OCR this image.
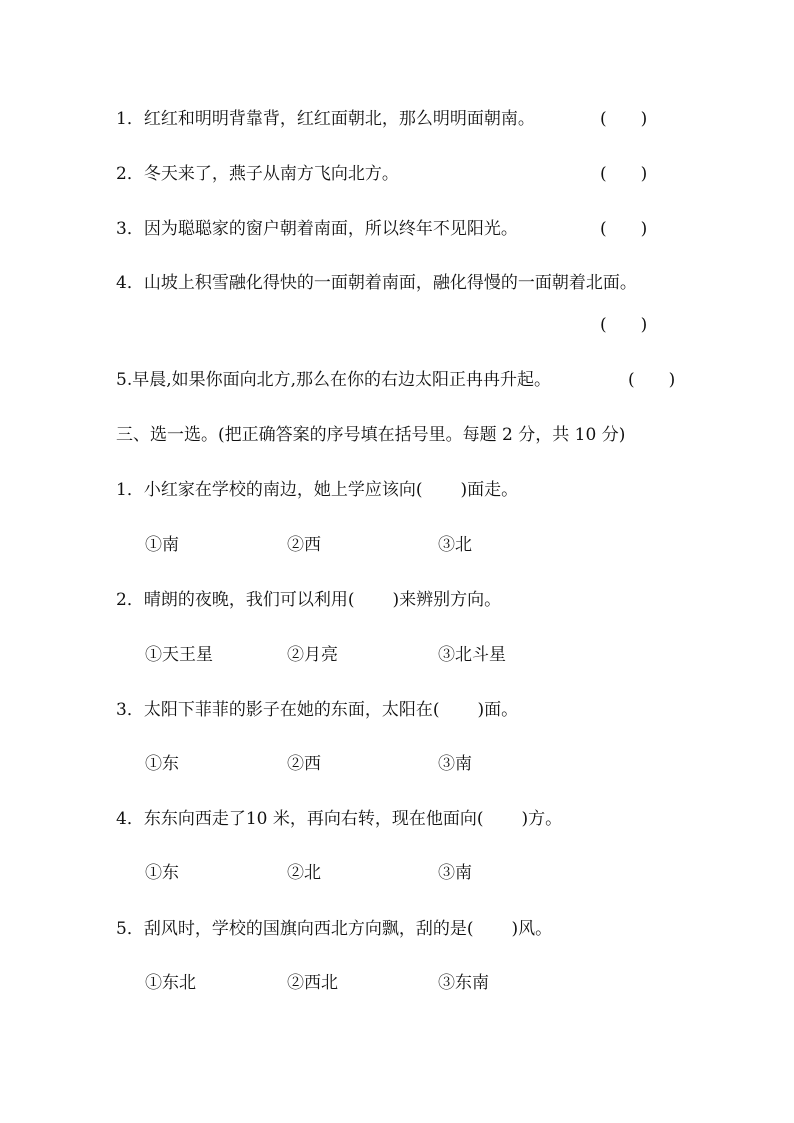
1．红红和明明背靠背，红红面朝北，那么明明面朝南。	(　　)
2．冬天来了，燕子从南方飞向北方。	(　　)
3．因为聪聪家的窗户朝着南面，所以终年不见阳光。	(　　)
4．山坡上积雪融化得快的一面朝着南面，融化得慢的一面朝着北面。
(　　)
5.早晨,如果你面向北方,那么在你的右边太阳正冉冉升起。	(　　)
三、选一选。(把正确答案的序号填在括号里。每题 2 分，共 10 分)
1．小红家在学校的南边，她上学应该向( )面走。
①南	②西	③北
2．晴朗的夜晚，我们可以利用( )来辨别方向。
①天王星	②月亮	③北斗星
3．太阳下菲菲的影子在她的东面，太阳在( )面。
①东	②西	③南
4．东东向西走了10 米，再向右转，现在他面向( )方。
①东	②北	③南
5．刮风时，学校的国旗向西北方向飘，刮的是( )风。
①东北	②西北	③东南
